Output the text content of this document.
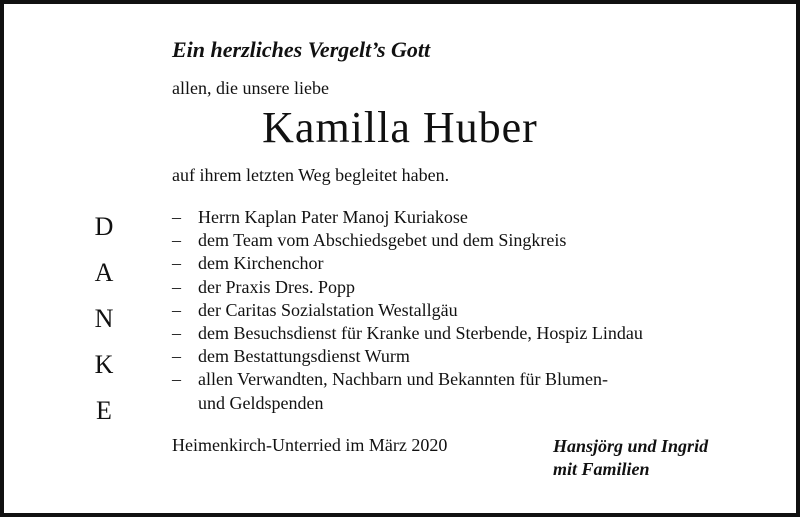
Ein herzliches Vergelt’s Gott
allen, die unsere liebe
Kamilla Huber
auf ihrem letzten Weg begleitet haben.
D
A
N
K
E
– Herrn Kaplan Pater Manoj Kuriakose
– dem Team vom Abschiedsgebet und dem Singkreis
– dem Kirchenchor
– der Praxis Dres. Popp
– der Caritas Sozialstation Westallgäu
– dem Besuchsdienst für Kranke und Sterbende, Hospiz Lindau
– dem Bestattungsdienst Wurm
– allen Verwandten, Nachbarn und Bekannten für Blumen-
und Geldspenden
Heimenkirch-Unterried im März 2020	Hansjörg und Ingrid
mit Familien
